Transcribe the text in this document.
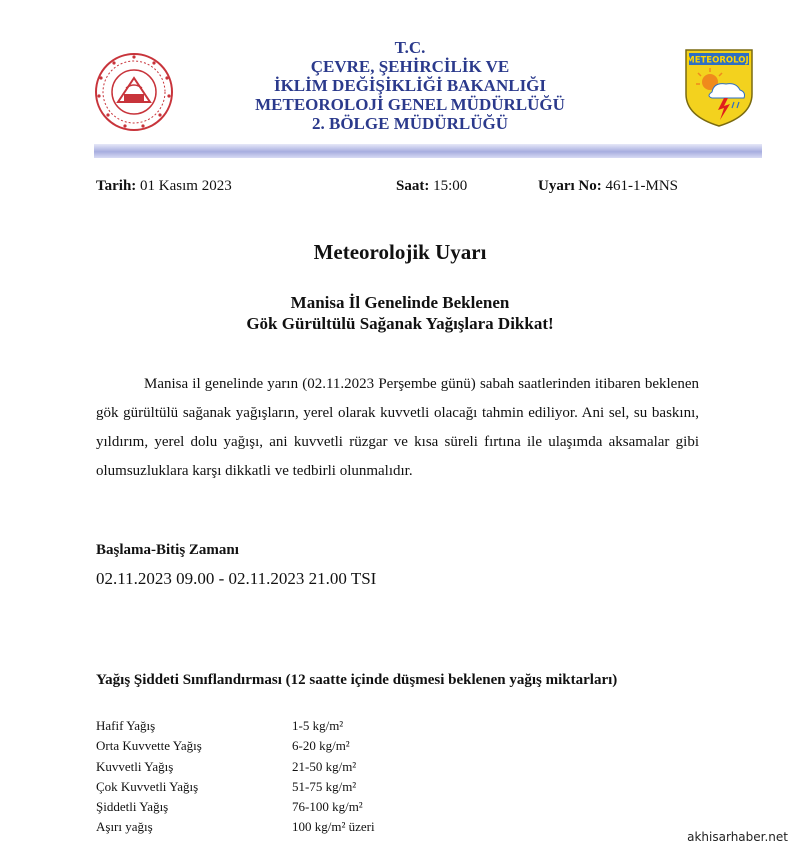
T.C.
ÇEVRE, ŞEHİRCİLİK VE
İKLİM DEĞİŞİKLİĞİ BAKANLIĞI
METEOROLOJİ GENEL MÜDÜRLÜĞÜ
2. BÖLGE MÜDÜRLÜĞÜ
METEOROLOJİ
Tarih: 01 Kasım 2023	Saat: 15:00	Uyarı No: 461-1-MNS
Meteorolojik Uyarı
Manisa İl Genelinde Beklenen
Gök Gürültülü Sağanak Yağışlara Dikkat!
Manisa il genelinde yarın (02.11.2023 Perşembe günü) sabah saatlerinden itibaren beklenen gök gürültülü sağanak yağışların, yerel olarak kuvvetli olacağı tahmin ediliyor. Ani sel, su baskını, yıldırım, yerel dolu yağışı, ani kuvvetli rüzgar ve kısa süreli fırtına ile ulaşımda aksamalar gibi olumsuzluklara karşı dikkatli ve tedbirli olunmalıdır.
Başlama-Bitiş Zamanı
02.11.2023 09.00 - 02.11.2023 21.00 TSI
Yağış Şiddeti Sınıflandırması (12 saatte içinde düşmesi beklenen yağış miktarları)
Hafif Yağış	1-5 kg/m²
Orta Kuvvette Yağış	6-20 kg/m²
Kuvvetli Yağış	21-50 kg/m²
Çok Kuvvetli Yağış	51-75 kg/m²
Şiddetli Yağış	76-100 kg/m²
Aşırı yağış	100 kg/m² üzeri
akhisarhaber.net
